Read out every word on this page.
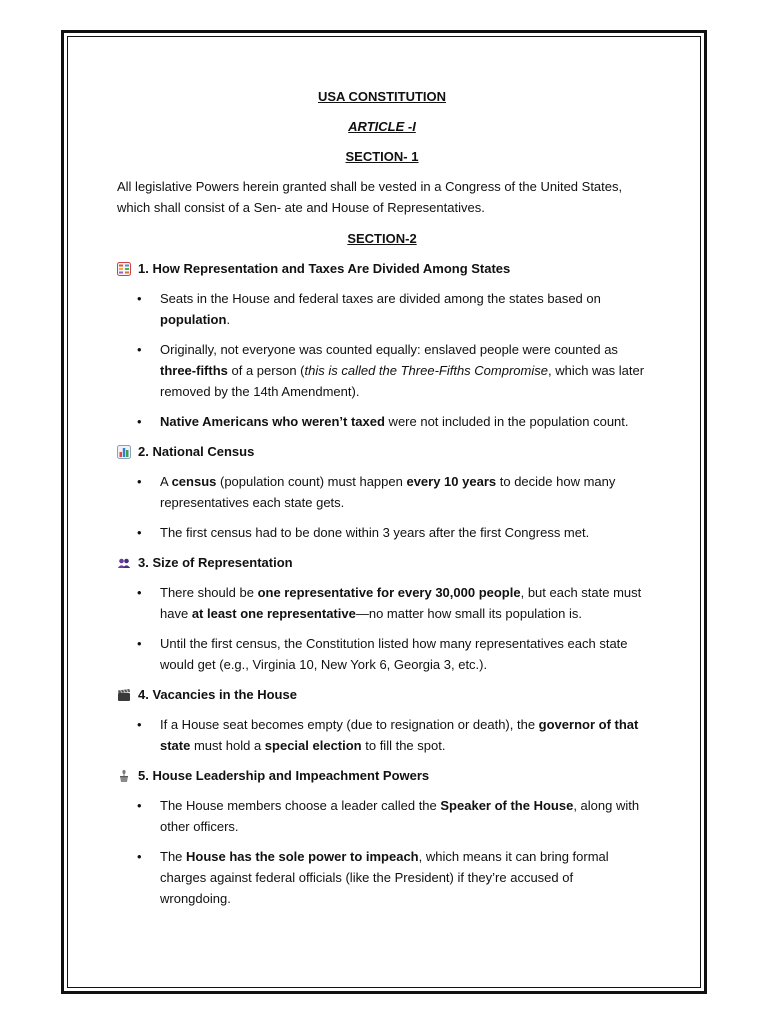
USA CONSTITUTION
ARTICLE -I
SECTION- 1

All legislative Powers herein granted shall be vested in a Congress of the United States, which shall consist of a Sen- ate and House of Representatives.

SECTION-2
1. How Representation and Taxes Are Divided Among States
• Seats in the House and federal taxes are divided among the states based on population.
• Originally, not everyone was counted equally: enslaved people were counted as three-fifths of a person (this is called the Three-Fifths Compromise, which was later removed by the 14th Amendment).
• Native Americans who weren’t taxed were not included in the population count.
2. National Census
• A census (population count) must happen every 10 years to decide how many representatives each state gets.
• The first census had to be done within 3 years after the first Congress met.
3. Size of Representation
• There should be one representative for every 30,000 people, but each state must have at least one representative—no matter how small its population is.
• Until the first census, the Constitution listed how many representatives each state would get (e.g., Virginia 10, New York 6, Georgia 3, etc.).
4. Vacancies in the House
• If a House seat becomes empty (due to resignation or death), the governor of that state must hold a special election to fill the spot.
5. House Leadership and Impeachment Powers
• The House members choose a leader called the Speaker of the House, along with other officers.
• The House has the sole power to impeach, which means it can bring formal charges against federal officials (like the President) if they’re accused of wrongdoing.
